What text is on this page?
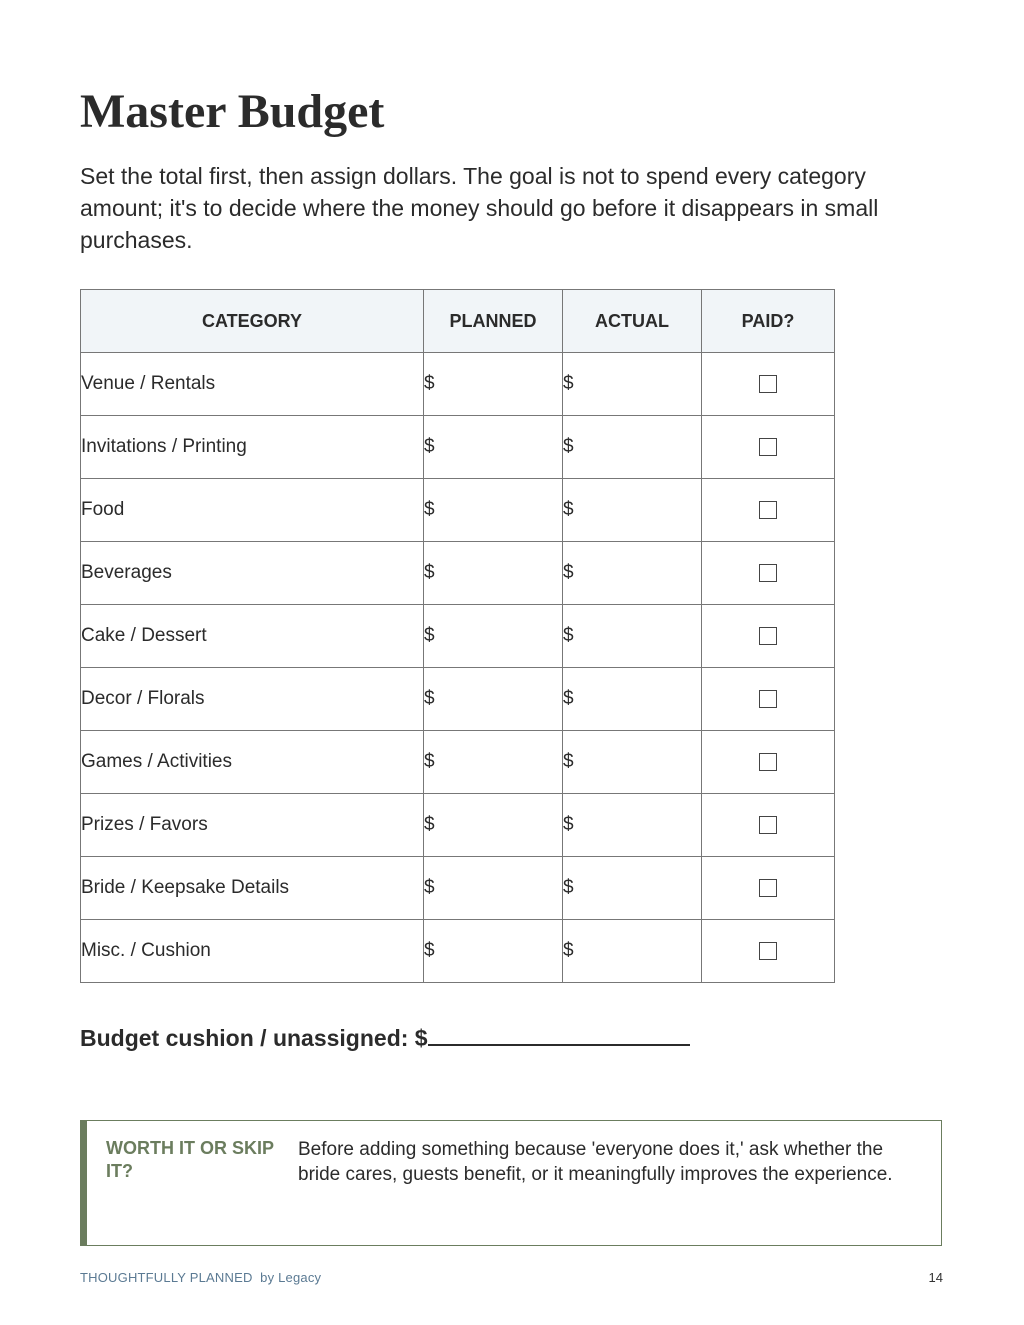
Master Budget

Set the total first, then assign dollars. The goal is not to spend every category amount; it's to decide where the money should go before it disappears in small purchases.

CATEGORY	PLANNED	ACTUAL	PAID?
Venue / Rentals	$	$	
Invitations / Printing	$	$	
Food	$	$	
Beverages	$	$	
Cake / Dessert	$	$	
Decor / Florals	$	$	
Games / Activities	$	$	
Prizes / Favors	$	$	
Bride / Keepsake Details	$	$	
Misc. / Cushion	$	$	
Budget cushion / unassigned: $
WORTH IT OR SKIP IT?
Before adding something because 'everyone does it,' ask whether the bride cares, guests benefit, or it meaningfully improves the experience.
THOUGHTFULLY PLANNED  by Legacy	14
